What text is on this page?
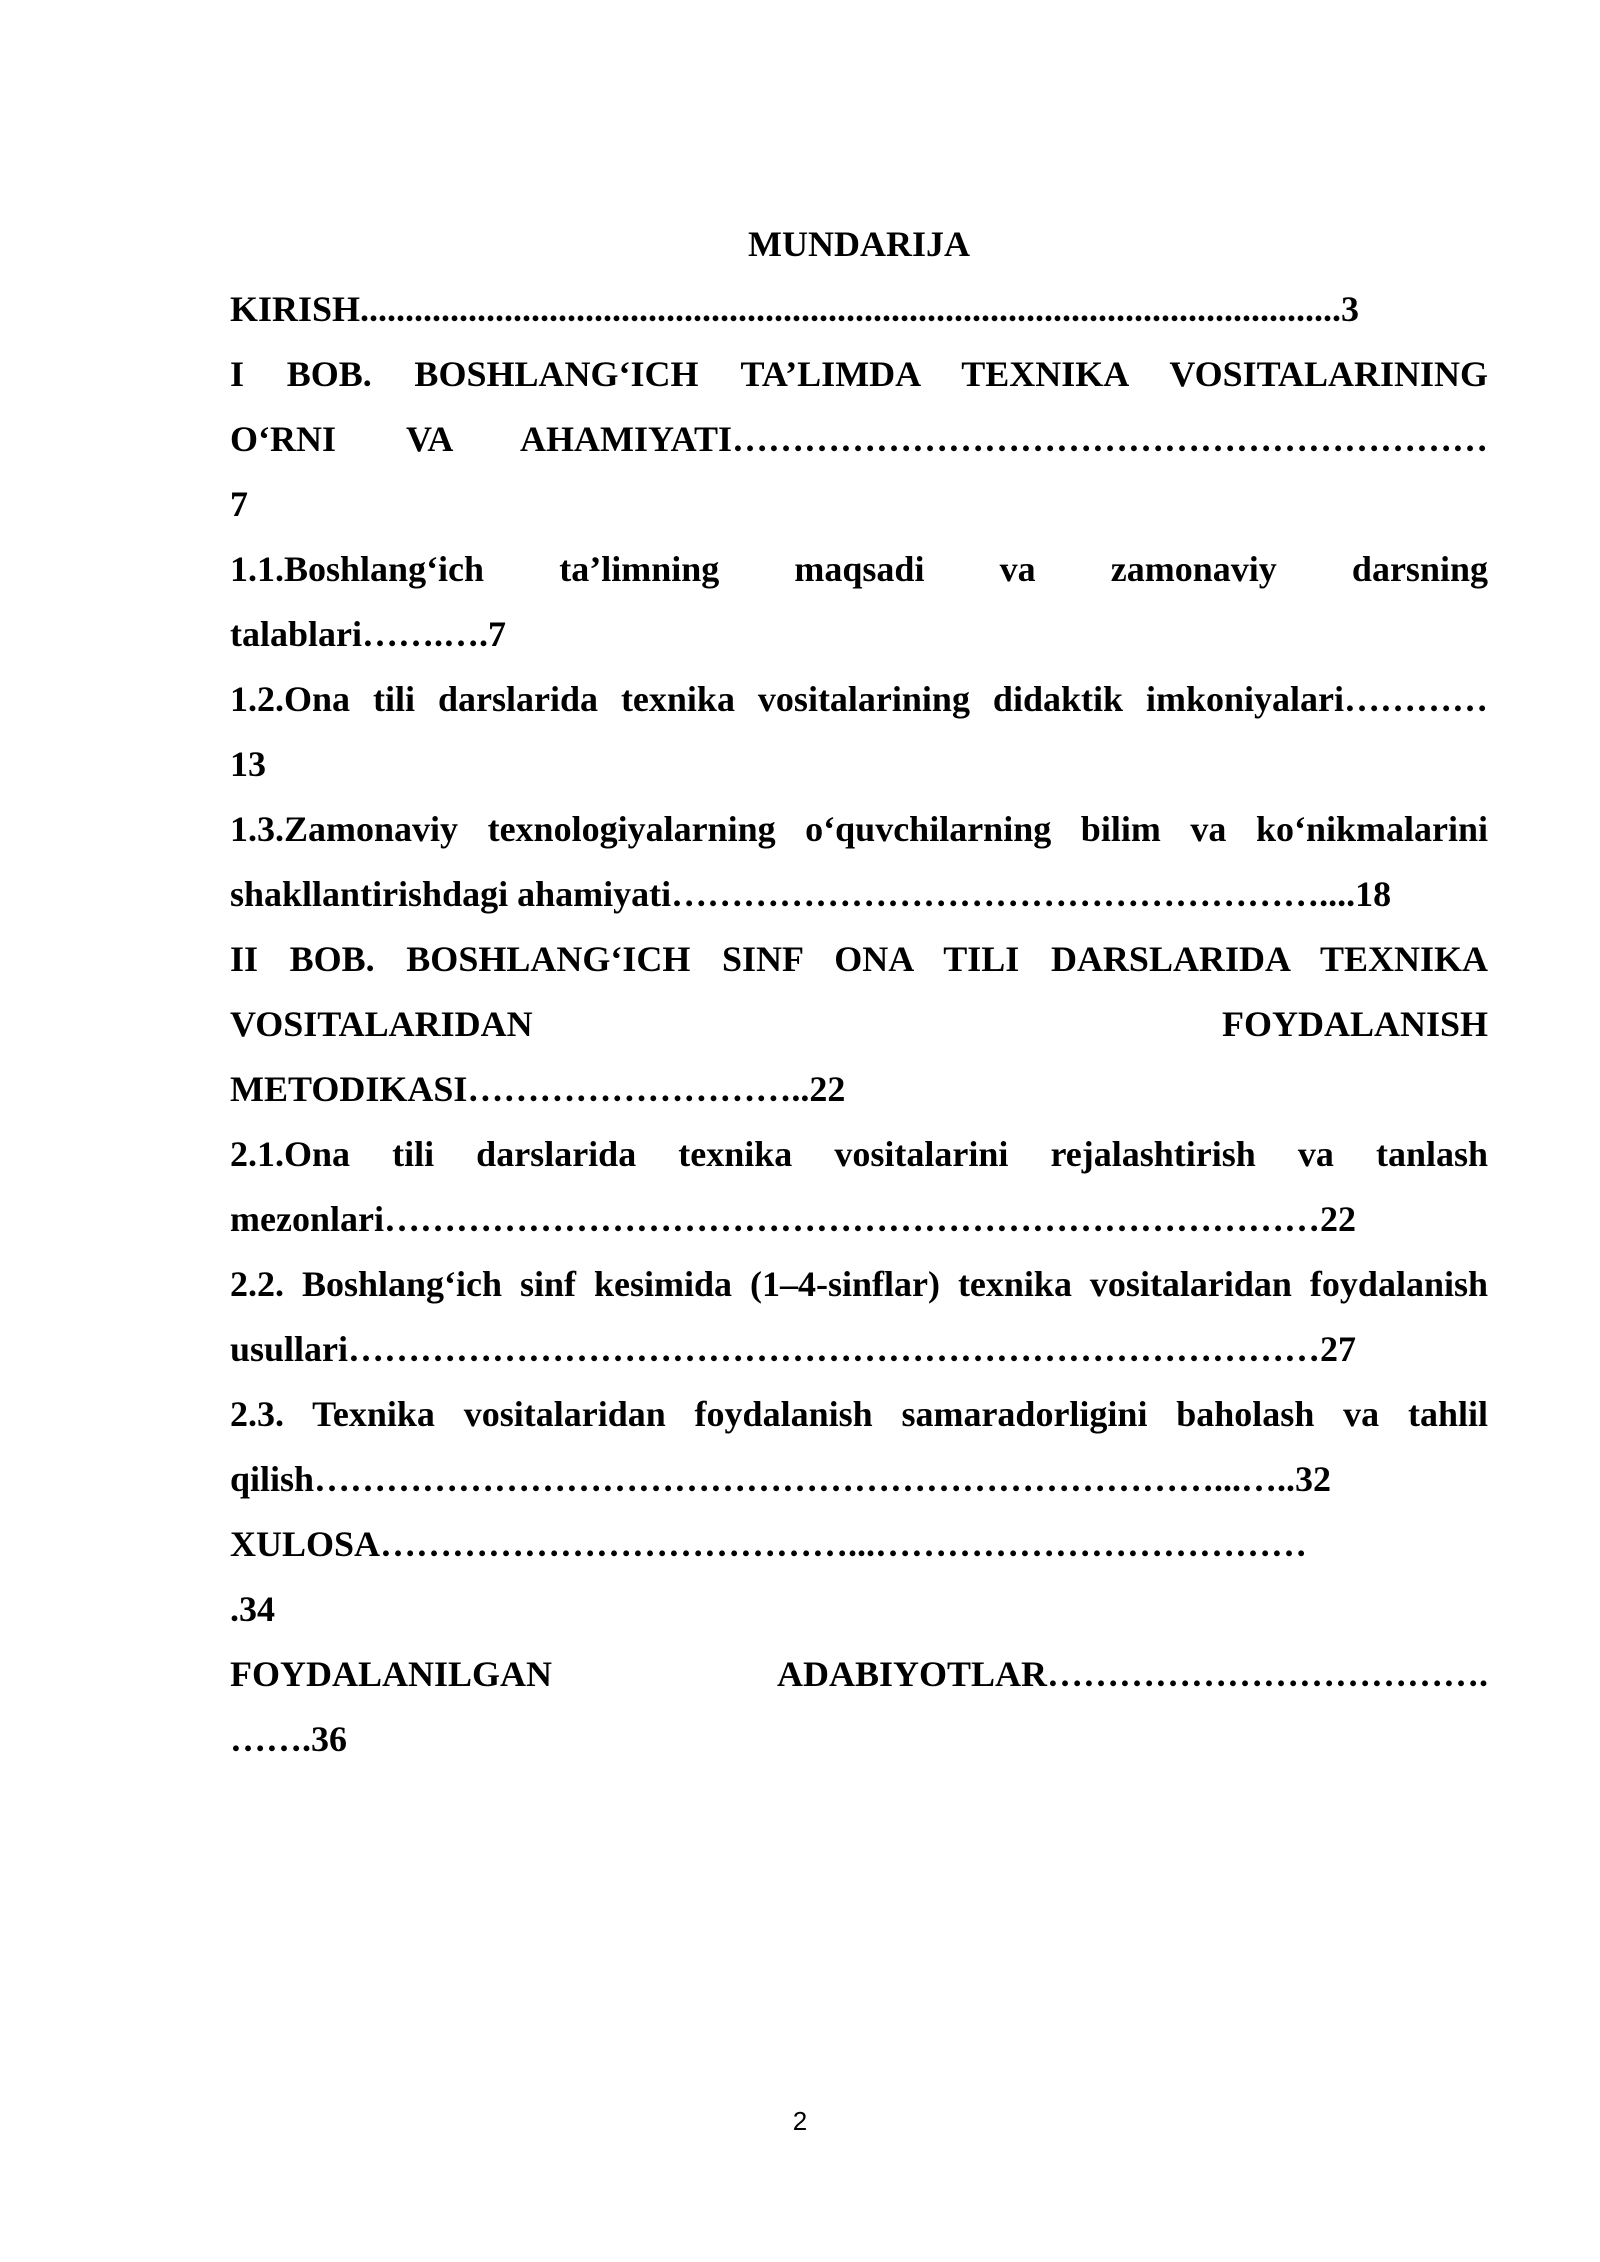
MUNDARIJA
KIRISH.............................................................................................................3
I BOB. BOSHLANG‘ICH TA’LIMDA TEXNIKA VOSITALARINING
O‘RNI VA AHAMIYATI………………………………………………………
7
1.1.Boshlang‘ich ta’limning maqsadi va zamonaviy darsning
talablari…….….7
1.2.Ona tili darslarida texnika vositalarining didaktik imkoniyalari…………
13
1.3.Zamonaviy texnologiyalarning o‘quvchilarning bilim va ko‘nikmalarini
shakllantirishdagi ahamiyati………………………………………………....18
II BOB. BOSHLANG‘ICH SINF ONA TILI DARSLARIDA TEXNIKA
VOSITALARIDAN FOYDALANISH
METODIKASI………………………..22
2.1.Ona tili darslarida texnika vositalarini rejalashtirish va tanlash
mezonlari……………………………………………………………………22
2.2. Boshlang‘ich sinf kesimida (1–4-sinflar) texnika vositalaridan foydalanish
usullari………………………………………………………………………27
2.3. Texnika vositalaridan foydalanish samaradorligini baholash va tahlil
qilish…………………………………………………………………...…..32
XULOSA…………………………………...………………………………
.34
FOYDALANILGAN ADABIYOTLAR……………………………….
…….36
2
